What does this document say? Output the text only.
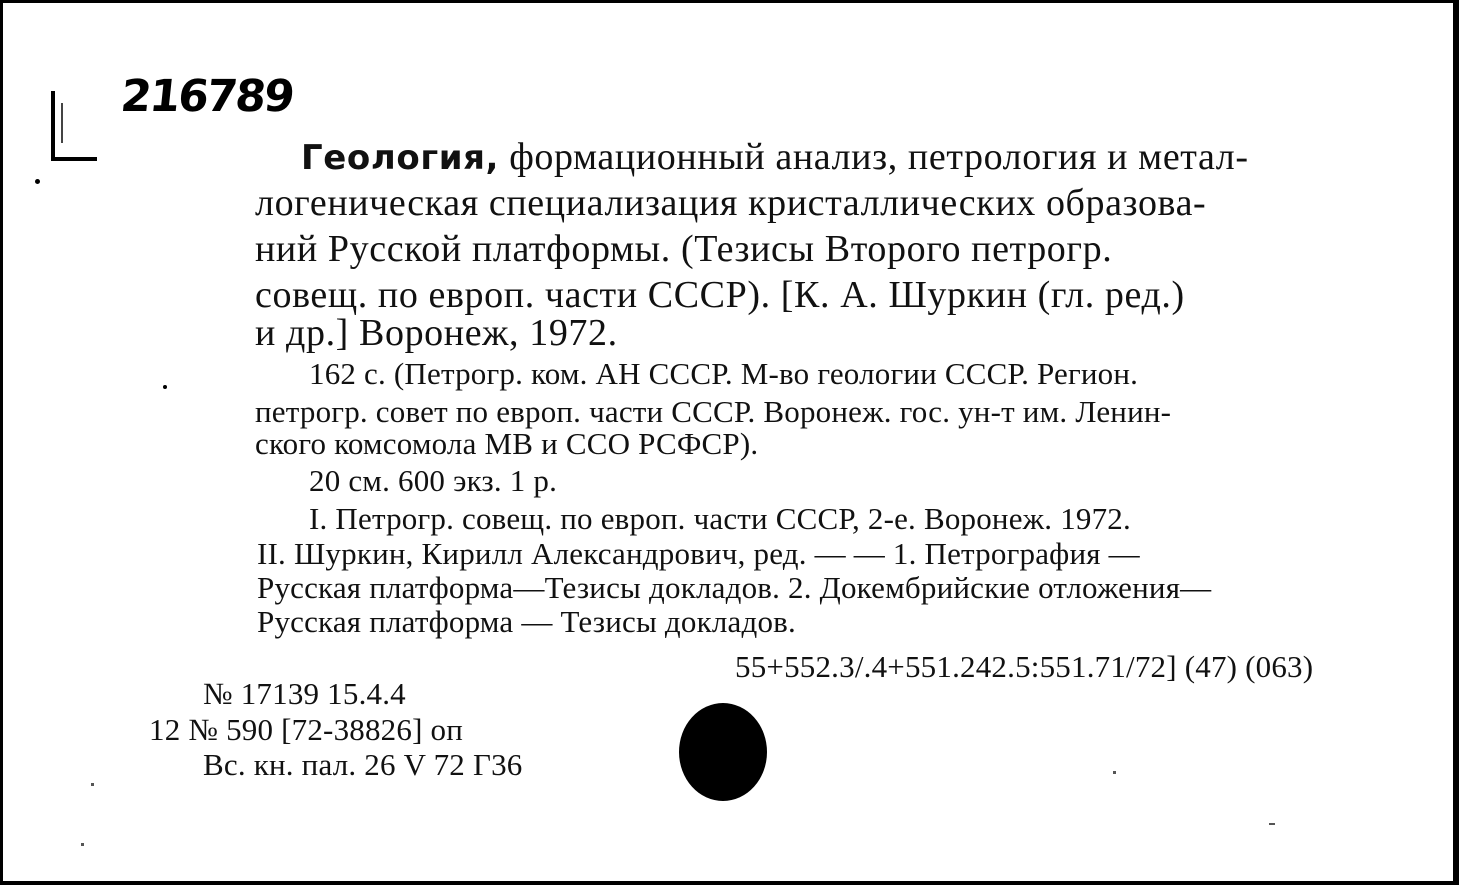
216789
Геология, формационный анализ, петрология и метал-
логеническая специализация кристаллических образова-
ний Русской платформы. (Тезисы Второго петрогр.
совещ. по европ. части СССР). [К. А. Шуркин (гл. ред.)
и др.] Воронеж, 1972.
162 с. (Петрогр. ком. АН СССР. М-во геологии СССР. Регион.
петрогр. совет по европ. части СССР. Воронеж. гос. ун-т им. Ленин-
ского комсомола МВ и ССО РСФСР).
20 см. 600 экз. 1 р.
I. Петрогр. совещ. по европ. части СССР, 2-е. Воронеж. 1972.
II. Шуркин, Кирилл Александрович, ред. — — 1. Петрография —
Русская платформа—Тезисы докладов. 2. Докембрийские отложения—
Русская платформа — Тезисы докладов.
55+552.3/.4+551.242.5:551.71/72] (47) (063)
№ 17139 15.4.4
12 № 590 [72-38826] оп
Вс. кн. пал. 26 V 72 Г36
